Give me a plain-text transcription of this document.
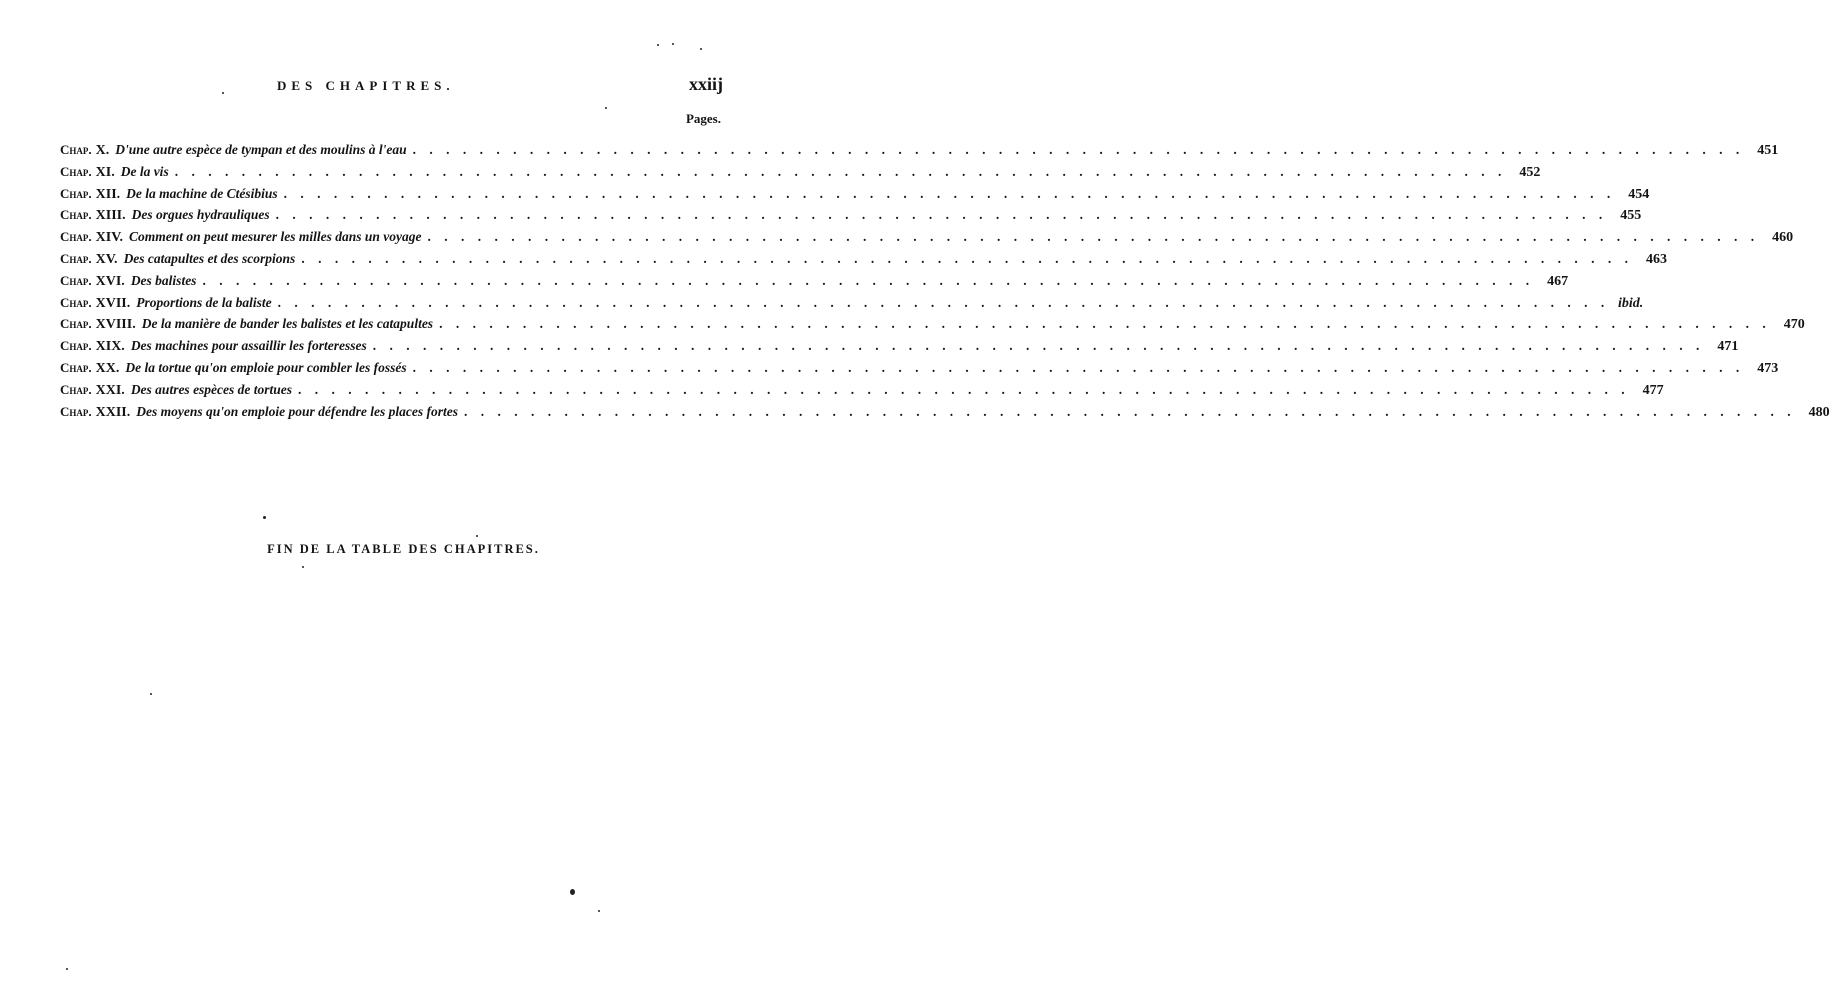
DES CHAPITRES.	xxiij
Pages.
Chap. X. D'une autre espèce de tympan et des moulins à l'eau . . . . . . . . . . . . . . . . . . . . . . . . . . . . . . . . . . . . . . . . . . . . . . . . . . . . . . . . . . . . . . . . . . . . . . . . . . . . . . . . 451
Chap. XI. De la vis . . . . . . . . . . . . . . . . . . . . . . . . . . . . . . . . . . . . . . . . . . . . . . . . . . . . . . . . . . . . . . . . . . . . . . . . . . . . . . . . 452
Chap. XII. De la machine de Ctésibius . . . . . . . . . . . . . . . . . . . . . . . . . . . . . . . . . . . . . . . . . . . . . . . . . . . . . . . . . . . . . . . . . . . . . . . . . . . . . . . . 454
Chap. XIII. Des orgues hydrauliques . . . . . . . . . . . . . . . . . . . . . . . . . . . . . . . . . . . . . . . . . . . . . . . . . . . . . . . . . . . . . . . . . . . . . . . . . . . . . . . . 455
Chap. XIV. Comment on peut mesurer les milles dans un voyage . . . . . . . . . . . . . . . . . . . . . . . . . . . . . . . . . . . . . . . . . . . . . . . . . . . . . . . . . . . . . . . . . . . . . . . . . . . . . . . . 460
Chap. XV. Des catapultes et des scorpions . . . . . . . . . . . . . . . . . . . . . . . . . . . . . . . . . . . . . . . . . . . . . . . . . . . . . . . . . . . . . . . . . . . . . . . . . . . . . . . . 463
Chap. XVI. Des balistes . . . . . . . . . . . . . . . . . . . . . . . . . . . . . . . . . . . . . . . . . . . . . . . . . . . . . . . . . . . . . . . . . . . . . . . . . . . . . . . . 467
Chap. XVII. Proportions de la baliste . . . . . . . . . . . . . . . . . . . . . . . . . . . . . . . . . . . . . . . . . . . . . . . . . . . . . . . . . . . . . . . . . . . . . . . . . . . . . . . . ibid.
Chap. XVIII. De la manière de bander les balistes et les catapultes . . . . . . . . . . . . . . . . . . . . . . . . . . . . . . . . . . . . . . . . . . . . . . . . . . . . . . . . . . . . . . . . . . . . . . . . . . . . . . . . 470
Chap. XIX. Des machines pour assaillir les forteresses . . . . . . . . . . . . . . . . . . . . . . . . . . . . . . . . . . . . . . . . . . . . . . . . . . . . . . . . . . . . . . . . . . . . . . . . . . . . . . . . 471
Chap. XX. De la tortue qu'on emploie pour combler les fossés . . . . . . . . . . . . . . . . . . . . . . . . . . . . . . . . . . . . . . . . . . . . . . . . . . . . . . . . . . . . . . . . . . . . . . . . . . . . . . . . 473
Chap. XXI. Des autres espèces de tortues . . . . . . . . . . . . . . . . . . . . . . . . . . . . . . . . . . . . . . . . . . . . . . . . . . . . . . . . . . . . . . . . . . . . . . . . . . . . . . . . 477
Chap. XXII. Des moyens qu'on emploie pour défendre les places fortes . . . . . . . . . . . . . . . . . . . . . . . . . . . . . . . . . . . . . . . . . . . . . . . . . . . . . . . . . . . . . . . . . . . . . . . . . . . . . . . . 480
FIN DE LA TABLE DES CHAPITRES.
